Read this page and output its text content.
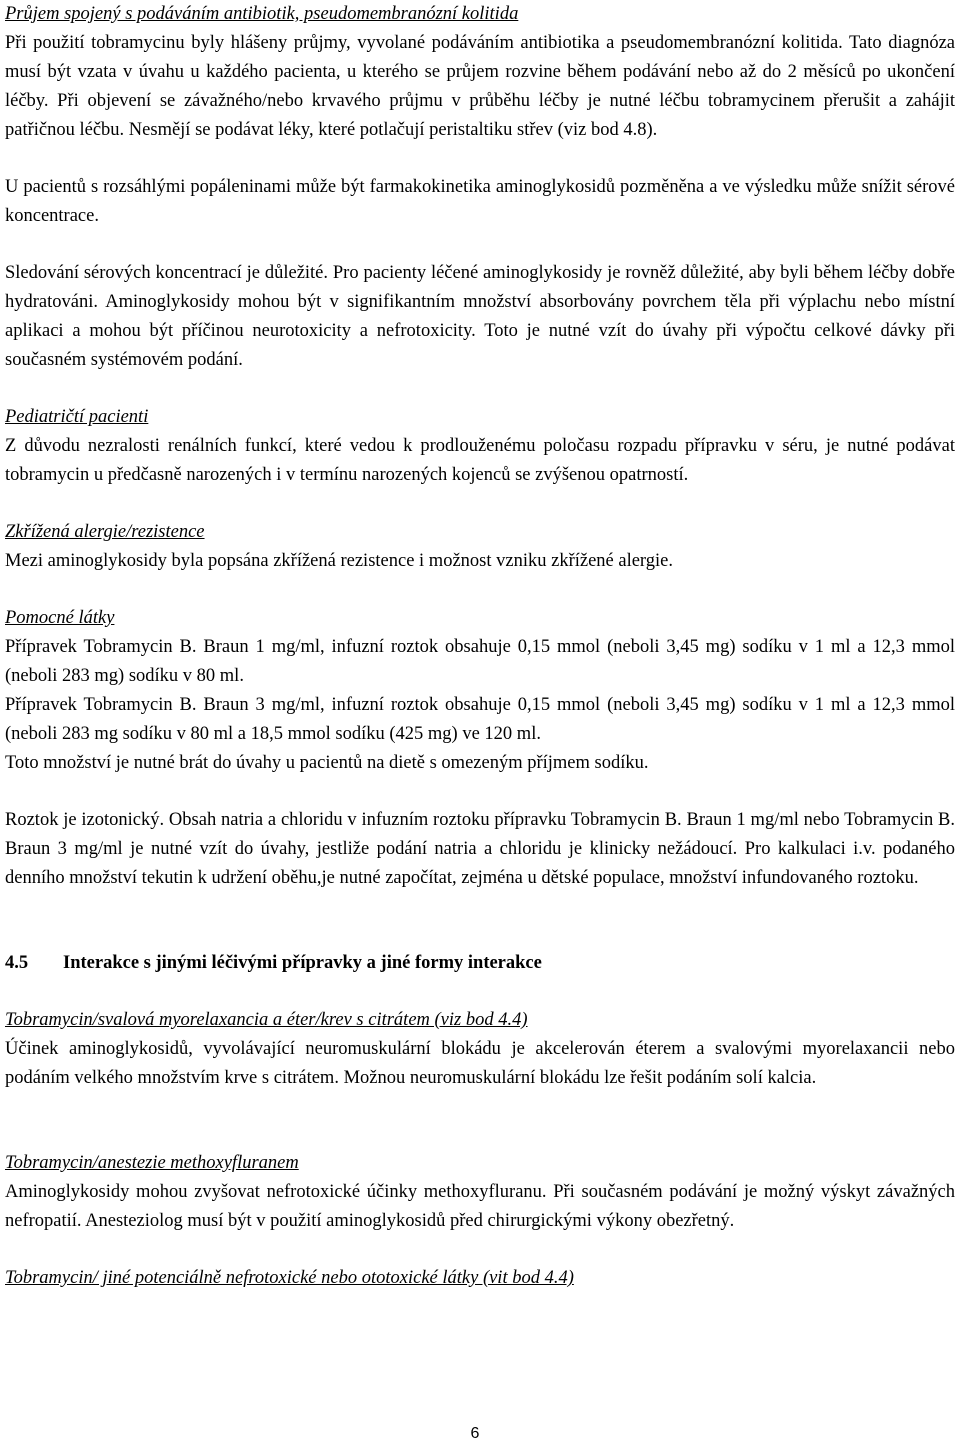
Průjem spojený s podáváním antibiotik, pseudomembranózní kolitida

Při použití tobramycinu byly hlášeny průjmy, vyvolané podáváním antibiotika a pseudomembranózní kolitida. Tato diagnóza musí být vzata v úvahu u každého pacienta, u kterého se průjem rozvine během podávání nebo až do 2 měsíců po ukončení léčby. Při objevení se závažného/nebo krvavého průjmu v průběhu léčby je nutné léčbu tobramycinem přerušit a zahájit patřičnou léčbu. Nesmějí se podávat léky, které potlačují peristaltiku střev (viz bod 4.8).

U pacientů s rozsáhlými popáleninami může být farmakokinetika aminoglykosidů pozměněna a ve výsledku může snížit sérové koncentrace.

Sledování sérových koncentrací je důležité. Pro pacienty léčené aminoglykosidy je rovněž důležité, aby byli během léčby dobře hydratováni. Aminoglykosidy mohou být v signifikantním množství absorbovány povrchem těla při výplachu nebo místní aplikaci a mohou být příčinou neurotoxicity a nefrotoxicity. Toto je nutné vzít do úvahy při výpočtu celkové dávky při současném systémovém podání.

Pediatričtí pacienti

Z důvodu nezralosti renálních funkcí, které vedou k prodlouženému poločasu rozpadu přípravku v séru, je nutné podávat tobramycin u předčasně narozených i v termínu narozených kojenců se zvýšenou opatrností.

Zkřížená alergie/rezistence

Mezi aminoglykosidy byla popsána zkřížená rezistence i možnost vzniku zkřížené alergie.

Pomocné látky

Přípravek Tobramycin B. Braun 1 mg/ml, infuzní roztok obsahuje 0,15 mmol (neboli 3,45 mg) sodíku v 1 ml a 12,3 mmol (neboli 283 mg) sodíku v 80 ml.

Přípravek Tobramycin B. Braun 3 mg/ml, infuzní roztok obsahuje 0,15 mmol (neboli 3,45 mg) sodíku v 1 ml a 12,3 mmol (neboli 283 mg sodíku v 80 ml a 18,5 mmol sodíku (425 mg) ve 120 ml.

Toto množství je nutné brát do úvahy u pacientů na dietě s omezeným příjmem sodíku.

Roztok je izotonický. Obsah natria a chloridu v infuzním roztoku přípravku Tobramycin B. Braun 1 mg/ml nebo Tobramycin B. Braun 3 mg/ml je nutné vzít do úvahy, jestliže podání natria a chloridu je klinicky nežádoucí. Pro kalkulaci i.v. podaného denního množství tekutin k udržení oběhu,je nutné započítat, zejména u dětské populace, množství infundovaného roztoku.

4.5	Interakce s jinými léčivými přípravky a jiné formy interakce
Tobramycin/svalová myorelaxancia a éter/krev s citrátem (viz bod 4.4)

Účinek aminoglykosidů, vyvolávající neuromuskulární blokádu je akcelerován éterem a svalovými myorelaxancii nebo podáním velkého množstvím krve s citrátem. Možnou neuromuskulární blokádu lze řešit podáním solí kalcia.

Tobramycin/anestezie methoxyfluranem

Aminoglykosidy mohou zvyšovat nefrotoxické účinky methoxyfluranu. Při současném podávání je možný výskyt závažných nefropatií. Anesteziolog musí být v použití aminoglykosidů před chirurgickými výkony obezřetný.

Tobramycin/ jiné potenciálně nefrotoxické nebo ototoxické látky (vit bod 4.4)
6
